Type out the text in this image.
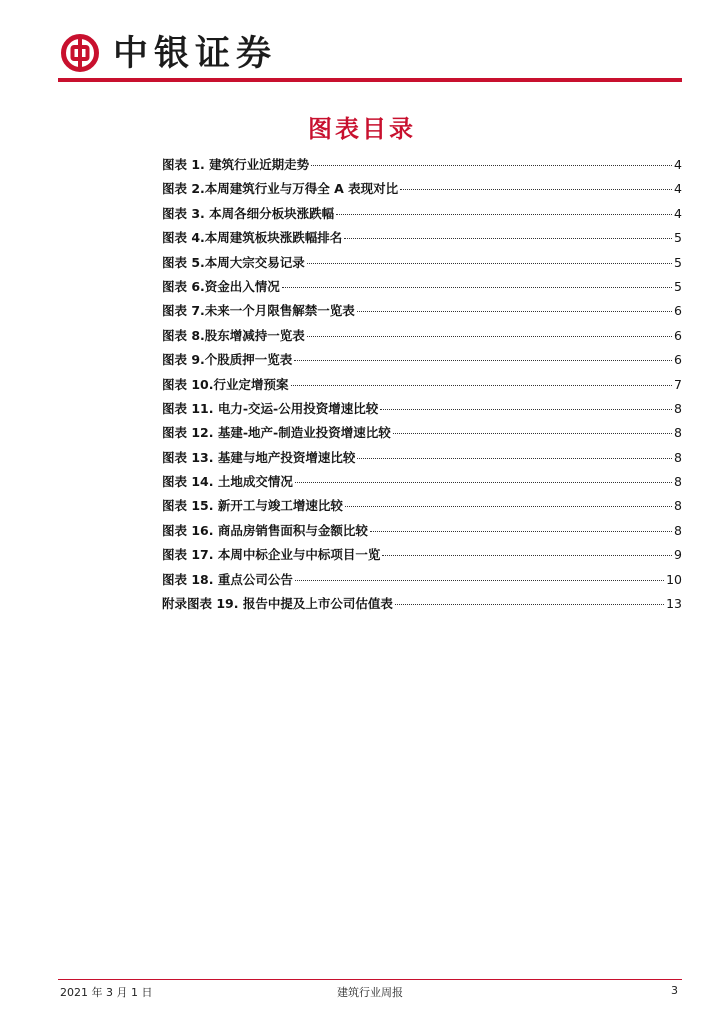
中银证券
图表目录
图表 1. 建筑行业近期走势	4
图表 2.本周建筑行业与万得全 A 表现对比	4
图表 3. 本周各细分板块涨跌幅	4
图表 4.本周建筑板块涨跌幅排名	5
图表 5.本周大宗交易记录	5
图表 6.资金出入情况	5
图表 7.未来一个月限售解禁一览表	6
图表 8.股东增减持一览表	6
图表 9.个股质押一览表	6
图表 10.行业定增预案	7
图表 11. 电力-交运-公用投资增速比较	8
图表 12. 基建-地产-制造业投资增速比较	8
图表 13. 基建与地产投资增速比较	8
图表 14. 土地成交情况	8
图表 15. 新开工与竣工增速比较	8
图表 16. 商品房销售面积与金额比较	8
图表 17. 本周中标企业与中标项目一览	9
图表 18. 重点公司公告	10
附录图表 19. 报告中提及上市公司估值表	13
2021 年 3 月 1 日	建筑行业周报	3
